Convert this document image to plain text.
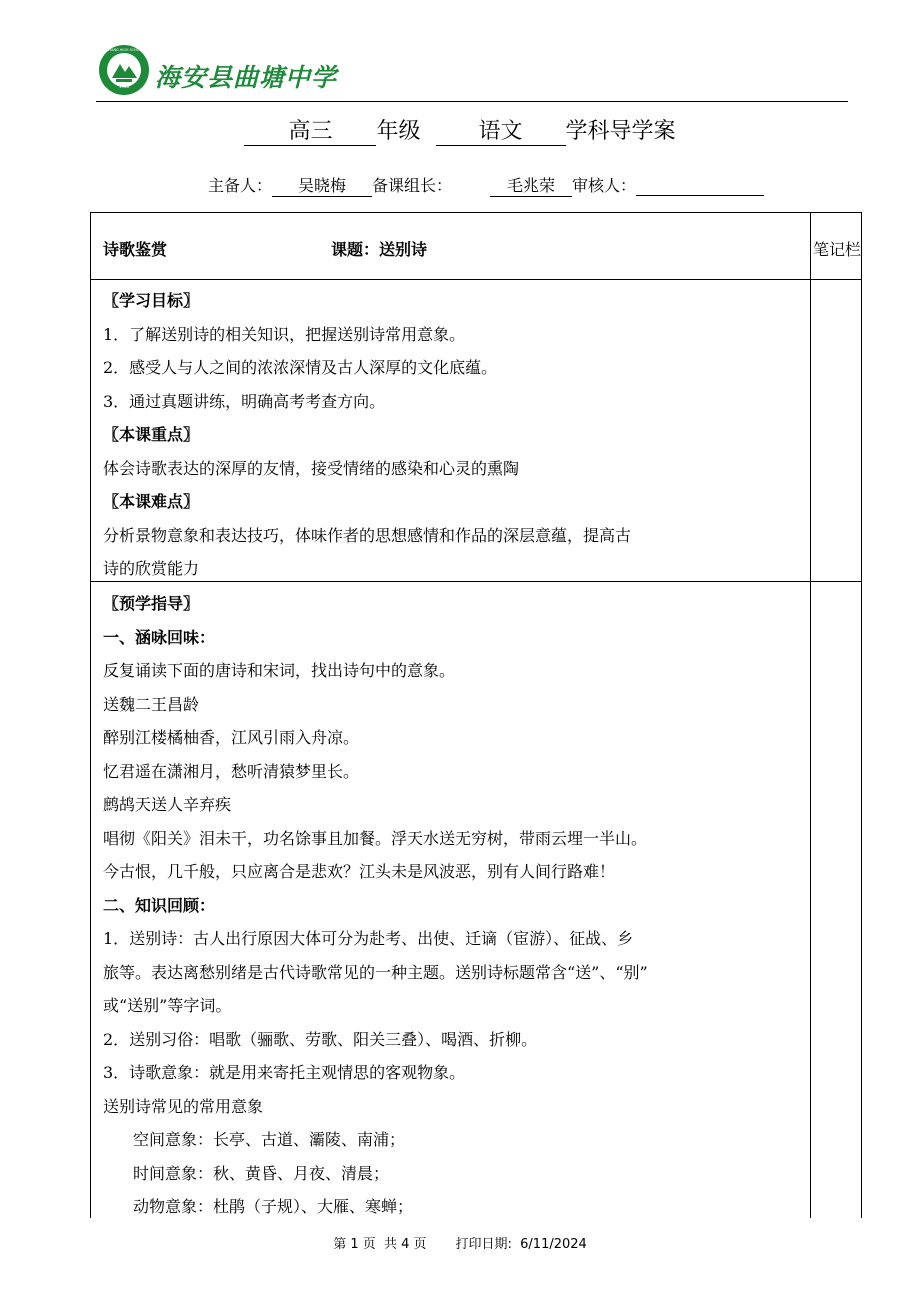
1958
QUTANG HIGH SCHOOL
海安县曲塘中学
高三 年级	语文 学科导学案
主备人： 吴晓梅 备课组长：	毛兆荣 审核人：
诗歌鉴赏	课题：送别诗	笔记栏

〖学习目标〗

1．了解送别诗的相关知识，把握送别诗常用意象。

2．感受人与人之间的浓浓深情及古人深厚的文化底蕴。

3．通过真题讲练，明确高考考查方向。

〖本课重点〗

体会诗歌表达的深厚的友情，接受情绪的感染和心灵的熏陶

〖本课难点〗

分析景物意象和表达技巧，体味作者的思想感情和作品的深层意蕴，提高古

诗的欣赏能力

〖预学指导〗

一、涵咏回味：

反复诵读下面的唐诗和宋词，找出诗句中的意象。

送魏二王昌龄

醉别江楼橘柚香，江风引雨入舟凉。

忆君遥在潇湘月，愁听清猿梦里长。

鹧鸪天送人辛弃疾

唱彻《阳关》泪未干，功名馀事且加餐。浮天水送无穷树，带雨云埋一半山。

今古恨，几千般，只应离合是悲欢？江头未是风波恶，别有人间行路难！

二、知识回顾：

1．送别诗：古人出行原因大体可分为赴考、出使、迁谪（宦游）、征战、乡

旅等。表达离愁别绪是古代诗歌常见的一种主题。送别诗标题常含“送”、“别”

或“送别”等字词。

2．送别习俗：唱歌（骊歌、劳歌、阳关三叠）、喝酒、折柳。

3．诗歌意象：就是用来寄托主观情思的客观物象。

送别诗常见的常用意象

空间意象：长亭、古道、灞陵、南浦；

时间意象：秋、黄昏、月夜、清晨；

动物意象：杜鹃（子规）、大雁、寒蝉；

第 1 页 共 4 页 打印日期: 6/11/2024
